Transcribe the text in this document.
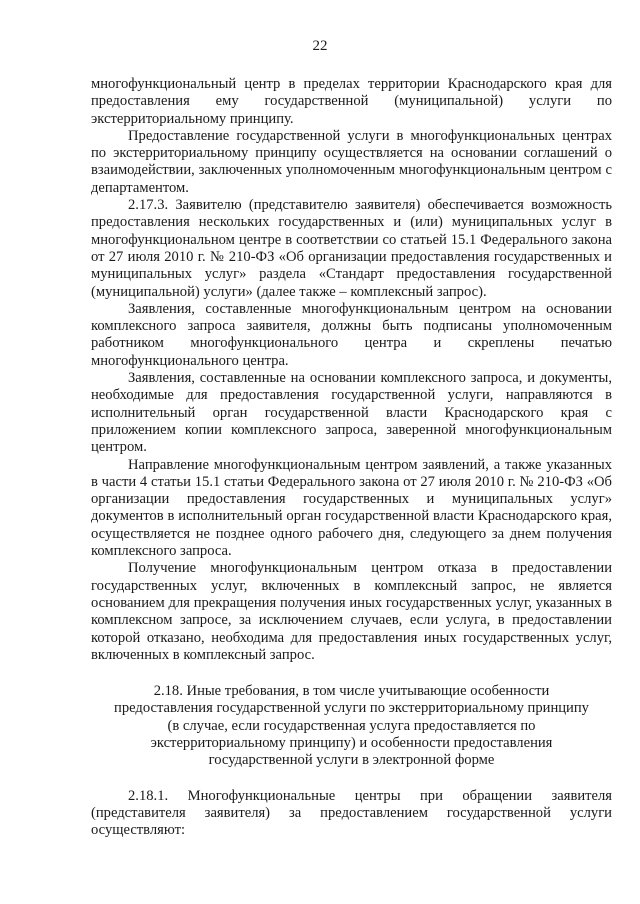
22

многофункциональный центр в пределах территории Краснодарского края для предоставления ему государственной (муниципальной) услуги по экстерриториальному принципу.

Предоставление государственной услуги в многофункциональных центрах по экстерриториальному принципу осуществляется на основании соглашений о взаимодействии, заключенных уполномоченным многофункциональным центром с департаментом.

2.17.3. Заявителю (представителю заявителя) обеспечивается возможность предоставления нескольких государственных и (или) муниципальных услуг в многофункциональном центре в соответствии со статьей 15.1 Федерального закона от 27 июля 2010 г. № 210-ФЗ «Об организации предоставления государственных и муниципальных услуг» раздела «Стандарт предоставления государственной (муниципальной) услуги» (далее также – комплексный запрос).

Заявления, составленные многофункциональным центром на основании комплексного запроса заявителя, должны быть подписаны уполномоченным работником многофункционального центра и скреплены печатью многофункционального центра.

Заявления, составленные на основании комплексного запроса, и документы, необходимые для предоставления государственной услуги, направляются в исполнительный орган государственной власти Краснодарского края с приложением копии комплексного запроса, заверенной многофункциональным центром.

Направление многофункциональным центром заявлений, а также указанных в части 4 статьи 15.1 статьи Федерального закона от 27 июля 2010 г. № 210-ФЗ «Об организации предоставления государственных и муниципальных услуг» документов в исполнительный орган государственной власти Краснодарского края, осуществляется не позднее одного рабочего дня, следующего за днем получения комплексного запроса.

Получение многофункциональным центром отказа в предоставлении государственных услуг, включенных в комплексный запрос, не является основанием для прекращения получения иных государственных услуг, указанных в комплексном запросе, за исключением случаев, если услуга, в предоставлении которой отказано, необходима для предоставления иных государственных услуг, включенных в комплексный запрос.

2.18. Иные требования, в том числе учитывающие особенности
предоставления государственной услуги по экстерриториальному принципу
(в случае, если государственная услуга предоставляется по
экстерриториальному принципу) и особенности предоставления
государственной услуги в электронной форме

2.18.1. Многофункциональные центры при обращении заявителя (представителя заявителя) за предоставлением государственной услуги осуществляют:
